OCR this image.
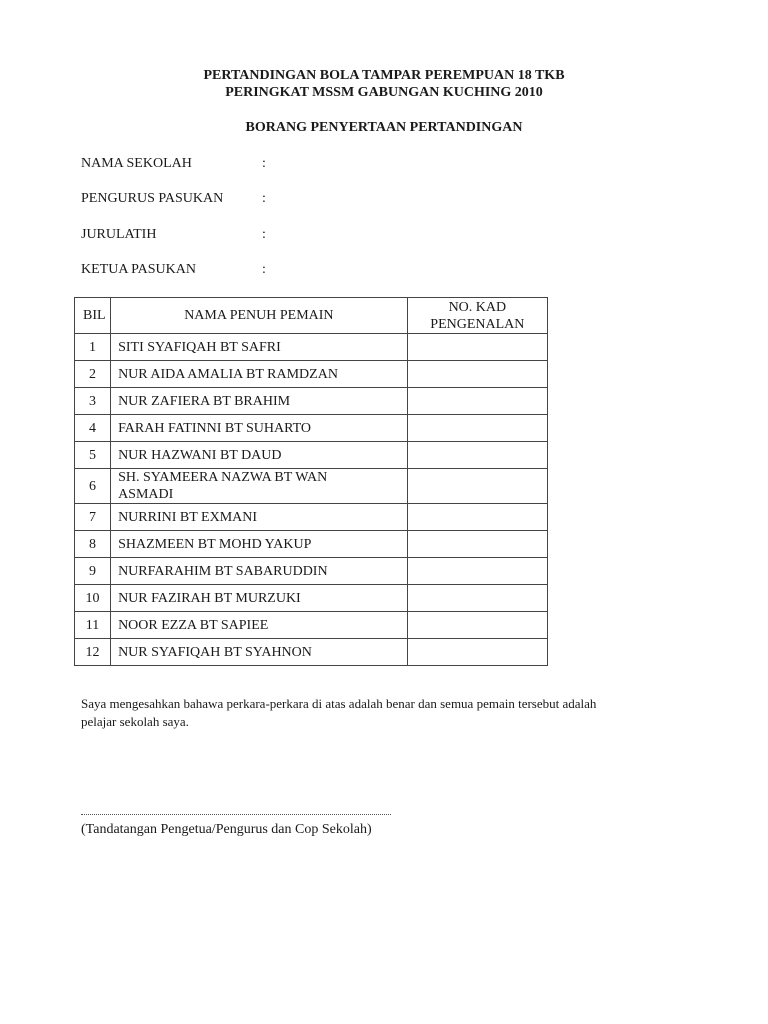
PERTANDINGAN BOLA TAMPAR PEREMPUAN 18 TKB
PERINGKAT MSSM GABUNGAN KUCHING 2010
BORANG PENYERTAAN PERTANDINGAN
NAMA SEKOLAH	:
PENGURUS PASUKAN	:
JURULATIH	:
KETUA PASUKAN	:
BIL	NAMA PENUH PEMAIN	NO. KAD
PENGENALAN
1	SITI SYAFIQAH BT SAFRI	
2	NUR AIDA AMALIA BT RAMDZAN	
3	NUR ZAFIERA BT BRAHIM	
4	FARAH FATINNI BT SUHARTO	
5	NUR HAZWANI BT DAUD	
6	SH. SYAMEERA NAZWA BT WAN
ASMADI	
7	NURRINI BT EXMANI	
8	SHAZMEEN BT MOHD YAKUP	
9	NURFARAHIM BT SABARUDDIN	
10	NUR FAZIRAH BT MURZUKI	
11	NOOR EZZA BT SAPIEE	
12	NUR SYAFIQAH BT SYAHNON	
Saya mengesahkan bahawa perkara-perkara di atas adalah benar dan semua pemain tersebut adalah
pelajar sekolah saya.
(Tandatangan Pengetua/Pengurus dan Cop Sekolah)
